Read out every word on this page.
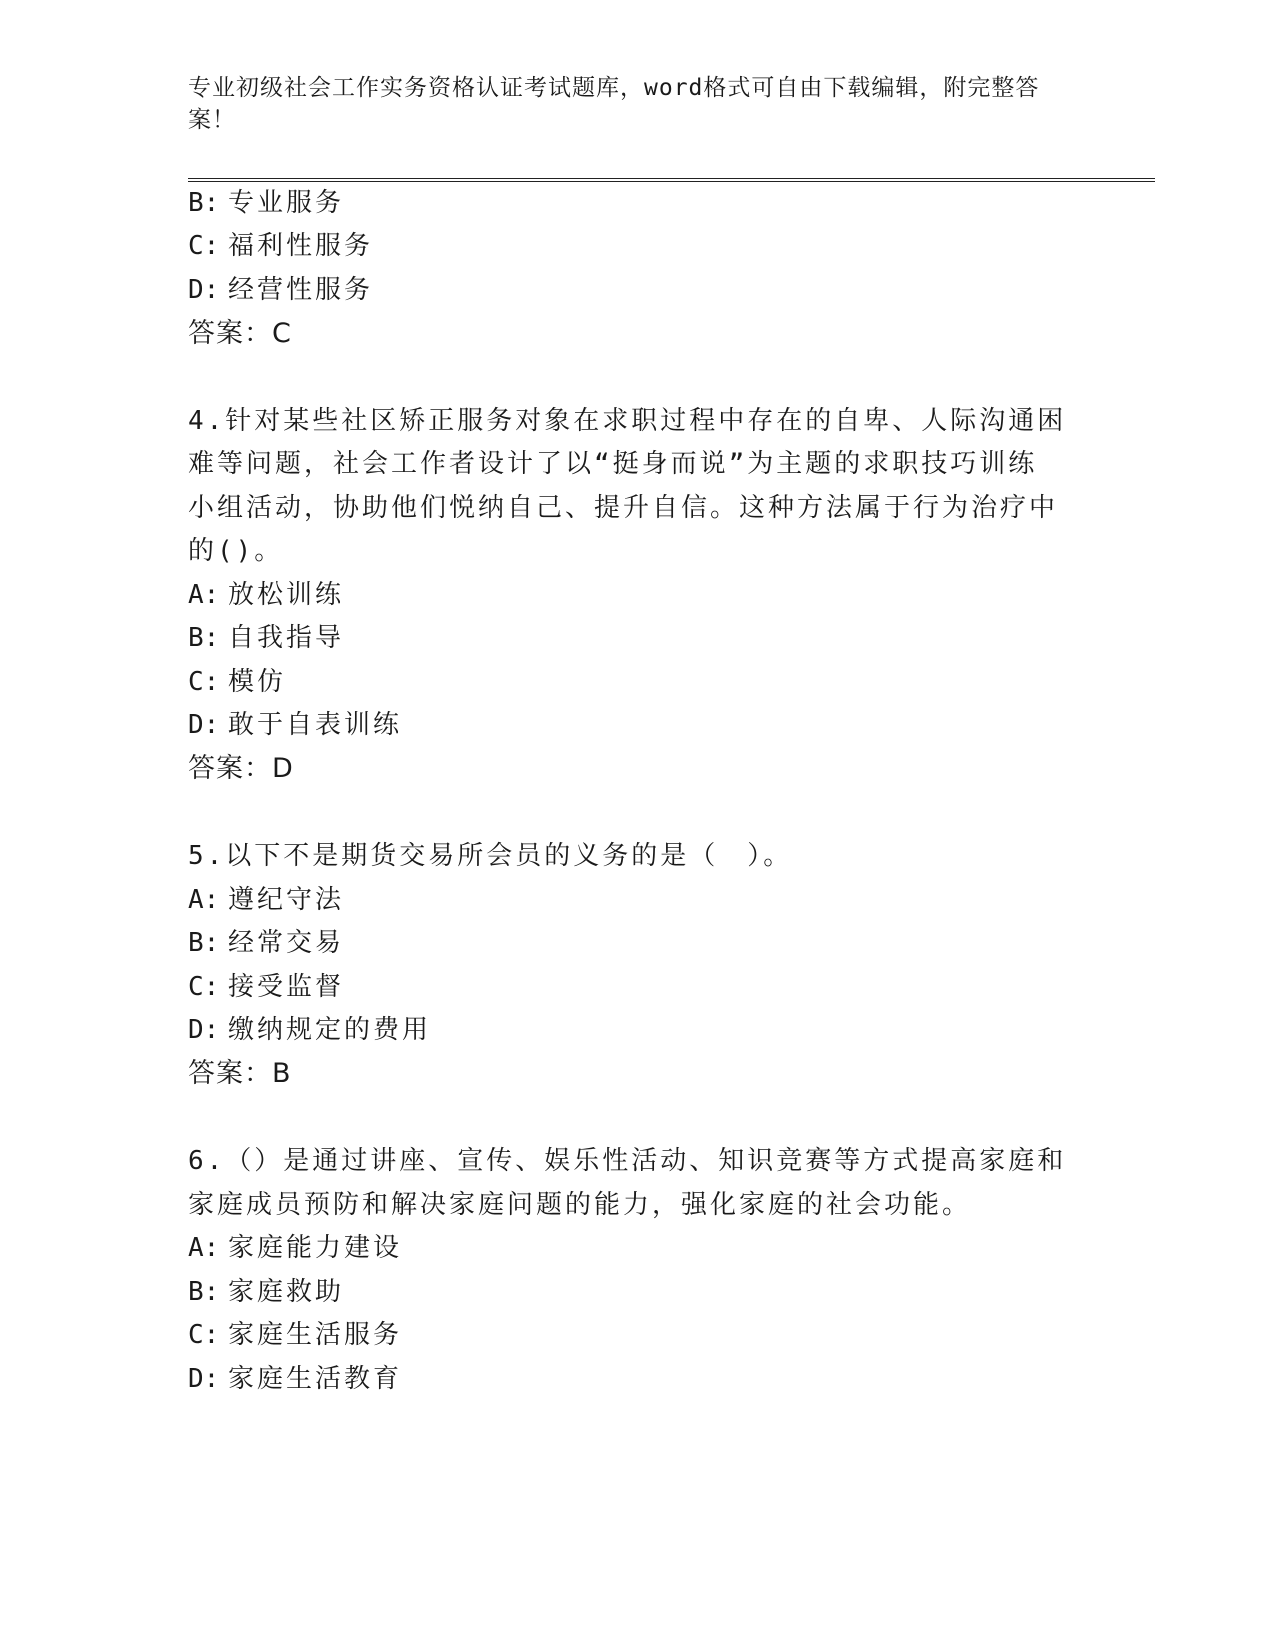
专业初级社会工作实务资格认证考试题库，word格式可自由下载编辑，附完整答
案！
B: 专业服务
C: 福利性服务
D: 经营性服务
答案：C
4.针对某些社区矫正服务对象在求职过程中存在的自卑、人际沟通困
难等问题，社会工作者设计了以“挺身而说”为主题的求职技巧训练
小组活动，协助他们悦纳自己、提升自信。这种方法属于行为治疗中
的()。
A: 放松训练
B: 自我指导
C: 模仿
D: 敢于自表训练
答案：D
5.以下不是期货交易所会员的义务的是（　）。
A: 遵纪守法
B: 经常交易
C: 接受监督
D: 缴纳规定的费用
答案：B
6.（）是通过讲座、宣传、娱乐性活动、知识竞赛等方式提高家庭和
家庭成员预防和解决家庭问题的能力，强化家庭的社会功能。
A: 家庭能力建设
B: 家庭救助
C: 家庭生活服务
D: 家庭生活教育
